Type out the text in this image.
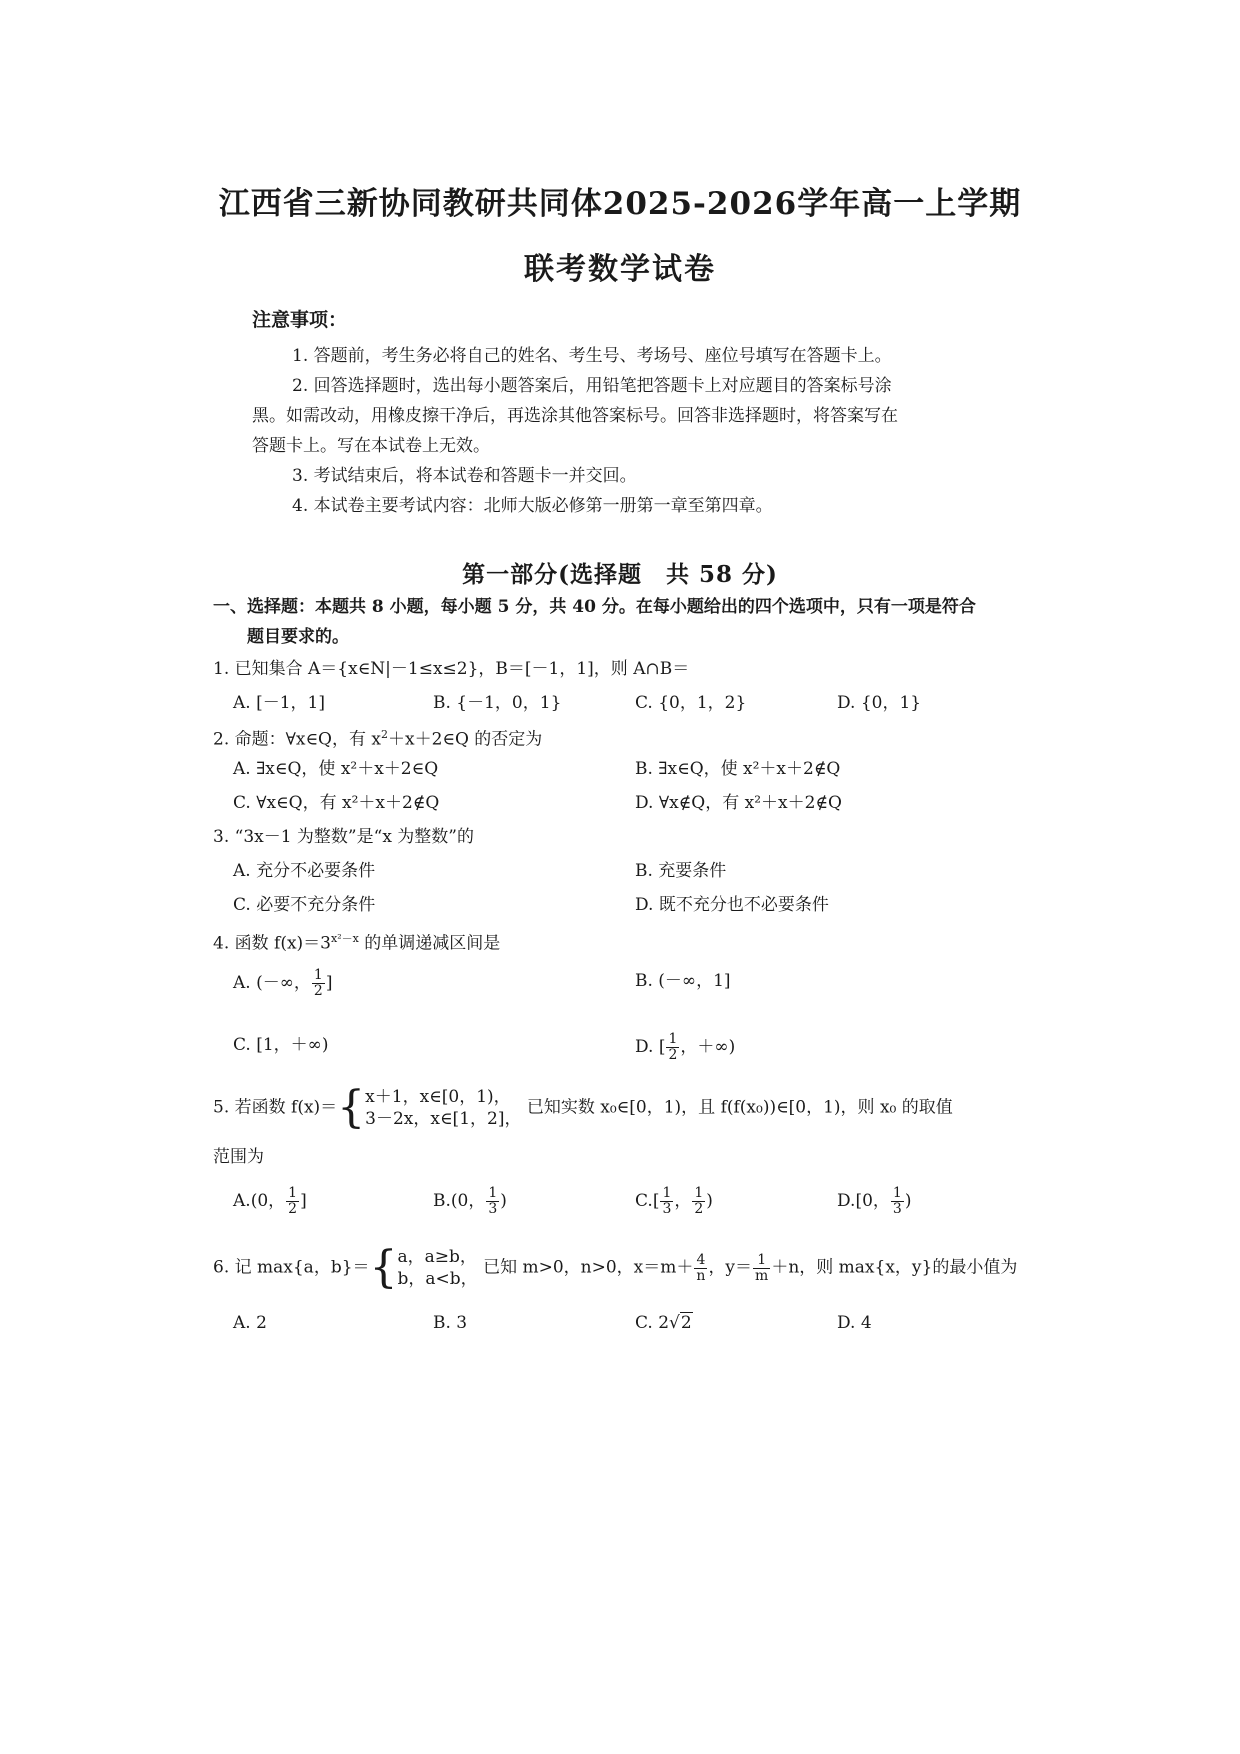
江西省三新协同教研共同体2025-2026学年高一上学期
联考数学试卷
注意事项：

1. 答题前，考生务必将自己的姓名、考生号、考场号、座位号填写在答题卡上。

2. 回答选择题时，选出每小题答案后，用铅笔把答题卡上对应题目的答案标号涂

黑。如需改动，用橡皮擦干净后，再选涂其他答案标号。回答非选择题时，将答案写在

答题卡上。写在本试卷上无效。

3. 考试结束后，将本试卷和答题卡一并交回。

4. 本试卷主要考试内容：北师大版必修第一册第一章至第四章。

第一部分(选择题　共 58 分)
一、选择题：本题共 8 小题，每小题 5 分，共 40 分。在每小题给出的四个选项中，只有一项是符合
题目要求的。
1. 已知集合 A＝{x∈N|－1≤x≤2}，B＝[－1，1]，则 A∩B＝
A. [－1，1]	B. {－1，0，1}	C. {0，1，2}	D. {0，1}
2. 命题：∀x∈Q，有 $x^2+x+2\in Q$ 的否定为
A. ∃x∈Q，使 x²＋x＋2∈Q	B. ∃x∈Q，使 x²＋x＋2∉Q
C. ∀x∈Q，有 x²＋x＋2∉Q	D. ∀x∉Q，有 x²＋x＋2∉Q
3. “3x－1 为整数”是“x 为整数”的
A. 充分不必要条件	B. 充要条件
C. 必要不充分条件	D. 既不充分也不必要条件
4. 函数 $f(x)=3^{x^2-x}$ 的单调递减区间是
A. (－∞， $\frac{1}{2}$ ]	B. (－∞，1]
C. [1，＋∞)	D. [ $\frac{1}{2}$ ，＋∞)
5. 若函数 f(x)＝{ x＋1，x∈[0，1)，
3－2x，x∈[1，2]，
已知实数 x₀∈[0，1)，且 f(f(x₀))∈[0，1)，则 x₀ 的取值
范围为
A.(0， $\frac{1}{2}$ ]	B.(0， $\frac{1}{3}$ )	$C.[ \frac{1}{3}$ ， $\frac{1}{2}$ )	D.[0， $\frac{1}{3}$ )
6. 记 max{a，b}＝{ a，a≥b，
b，a<b，
已知 m>0，n>0，$x=m+ \frac{4}{n}$ ，$y= \frac{1}{m} +n$，则 max{x，y}的最小值为
A. 2	B. 3	C. 2√2	D. 4
